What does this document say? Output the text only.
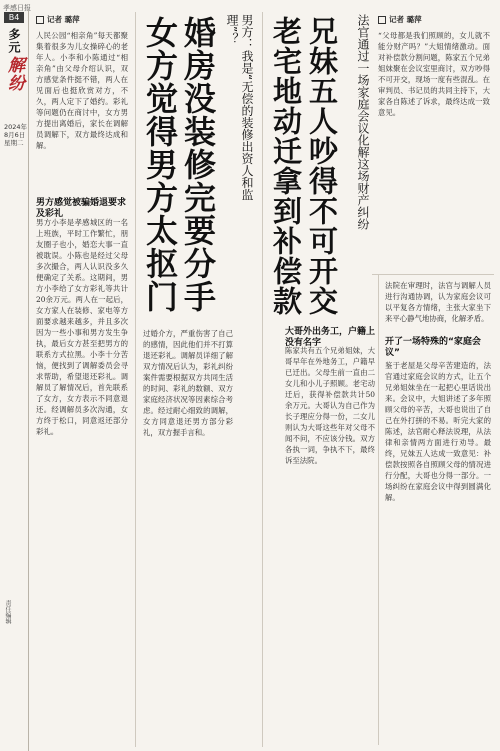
孝感日报
B4
多元
解纷
2024年
8月6日
星期二
责任编辑
记者 璐萍
人民公园“相亲角”每天都聚集着很多为儿女操碎心的老年人。小李和小陈通过“相亲角”由父母介绍认识，双方感觉条件挺不错，两人在见面后也挺欣赏对方，不久，两人定下了婚约。彩礼等问题仍在商讨中，女方男方提出离婚后，家长在调解员调解下，双方最终达成和解。
男方感觉被骗婚退要求及彩礼
男方小李是孝感城区的一名上班族，平时工作繁忙，朋友圈子也小，婚恋大事一直被耽误。小陈也是经过父母多次撮合，两人认识没多久便确定了关系。这期间，男方小李给了女方彩礼等共计20余万元。两人在一起后，女方家人在装修、家电等方面要求越来越多，并且多次因为一些小事和男方发生争执，最后女方甚至把男方的联系方式拉黑。小李十分苦恼，便找到了调解委员会寻求帮助，希望退还彩礼。调解员了解情况后，首先联系了女方，女方表示不同意退还。经调解员多次沟通，女方终于松口，同意返还部分彩礼。
过婚介方，严重伤害了自己的感情，因此他们并不打算退还彩礼。调解员详细了解双方情况后认为，彩礼纠纷案件需要根据双方共同生活的时间、彩礼的数额、双方家庭经济状况等因素综合考虑。经过耐心细致的调解，女方同意退还男方部分彩礼，双方握手言和。
男方：我是“无偿的装修出资人和监理”？
婚房没装修完要分手 女方觉得男方太抠门	法官通过一场家庭会议化解这场财产纠纷
兄妹五人吵得不可开交 老宅地动迁拿到补偿款	记者 璐萍
“父母都是我们照顾的，女儿就不能分财产吗？”大姐情绪激动。面对补偿款分割问题，陈家五个兄弟姐妹聚在会议室里商讨，双方吵得不可开交，现场一度有些混乱。在审判员、书记员的共同主持下，大家各自陈述了诉求，最终达成一致意见。
大哥外出务工，户籍上没有名字
陈家共有五个兄弟姐妹，大哥早年在外地务工，户籍早已迁出。父母生前一直由二女儿和小儿子照顾。老宅动迁后，获得补偿款共计50余万元。大哥认为自己作为长子理应分得一份，二女儿则认为大哥这些年对父母不闻不问，不应该分钱。双方各执一词，争执不下，最终诉至法院。
法院在审理时，法官与调解人员进行沟通协调，认为家庭会议可以平复各方情绪，主张大家坐下来平心静气地协商，化解矛盾。
开了一场特殊的“家庭会议”
鉴于老屋是父母辛苦建造的，法官通过家庭会议的方式，让五个兄弟姐妹坐在一起把心里话说出来。会议中，大姐讲述了多年照顾父母的辛苦，大哥也说出了自己在外打拼的不易。听完大家的陈述，法官耐心释法说理，从法律和亲情两方面进行劝导。最终，兄妹五人达成一致意见：补偿款按照各自照顾父母的情况进行分配，大哥也分得一部分。一场纠纷在家庭会议中得到圆满化解。
